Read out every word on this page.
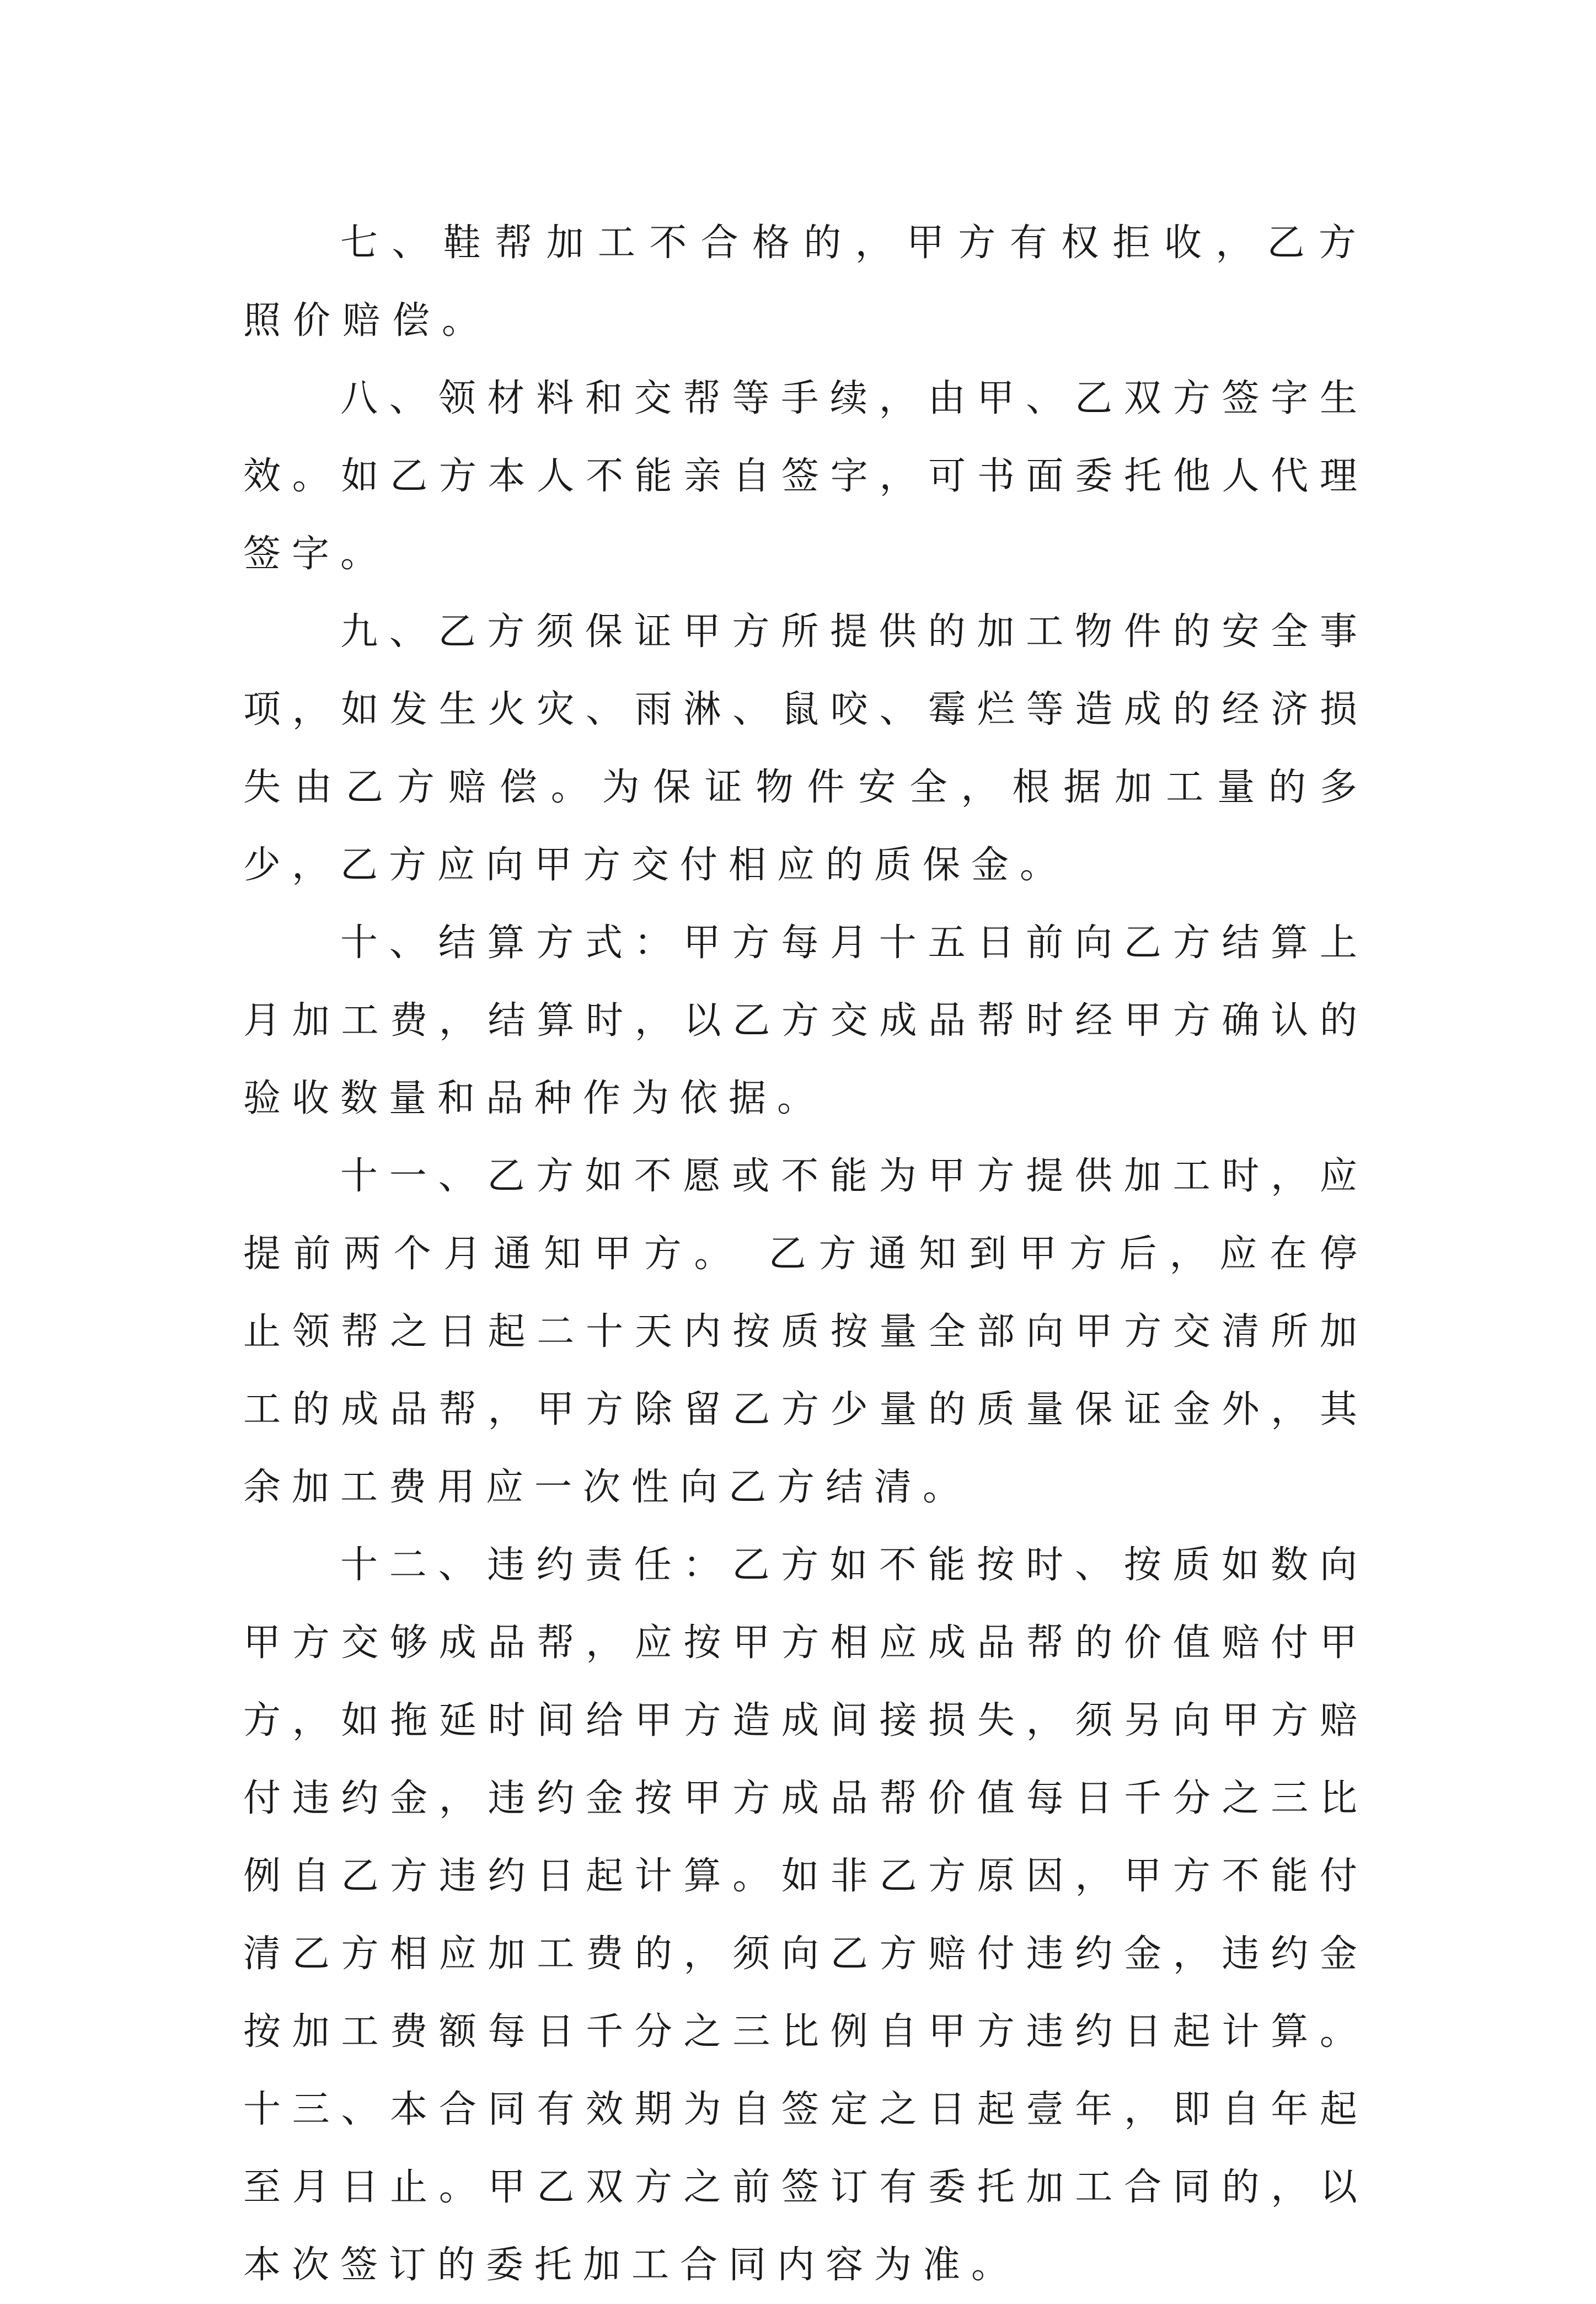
七、鞋帮加工不合格的，甲方有权拒收，乙方照价赔偿。

八、领材料和交帮等手续，由甲、乙双方签字生效。如乙方本人不能亲自签字，可书面委托他人代理签字。

九、乙方须保证甲方所提供的加工物件的安全事项，如发生火灾、雨淋、鼠咬、霉烂等造成的经济损失由乙方赔偿。为保证物件安全，根据加工量的多少，乙方应向甲方交付相应的质保金。

十、结算方式：甲方每月十五日前向乙方结算上月加工费，结算时，以乙方交成品帮时经甲方确认的验收数量和品种作为依据。

十一、乙方如不愿或不能为甲方提供加工时，应提前两个月通知甲方。 乙方通知到甲方后，应在停止领帮之日起二十天内按质按量全部向甲方交清所加工的成品帮，甲方除留乙方少量的质量保证金外，其余加工费用应一次性向乙方结清。

十二、违约责任：乙方如不能按时、按质如数向甲方交够成品帮，应按甲方相应成品帮的价值赔付甲方，如拖延时间给甲方造成间接损失，须另向甲方赔付违约金，违约金按甲方成品帮价值每日千分之三比例自乙方违约日起计算。如非乙方原因，甲方不能付清乙方相应加工费的，须向乙方赔付违约金，违约金按加工费额每日千分之三比例自甲方违约日起计算。 十三、本合同有效期为自签定之日起壹年，即自年起至月日止。甲乙双方之前签订有委托加工合同的，以本次签订的委托加工合同内容为准。
